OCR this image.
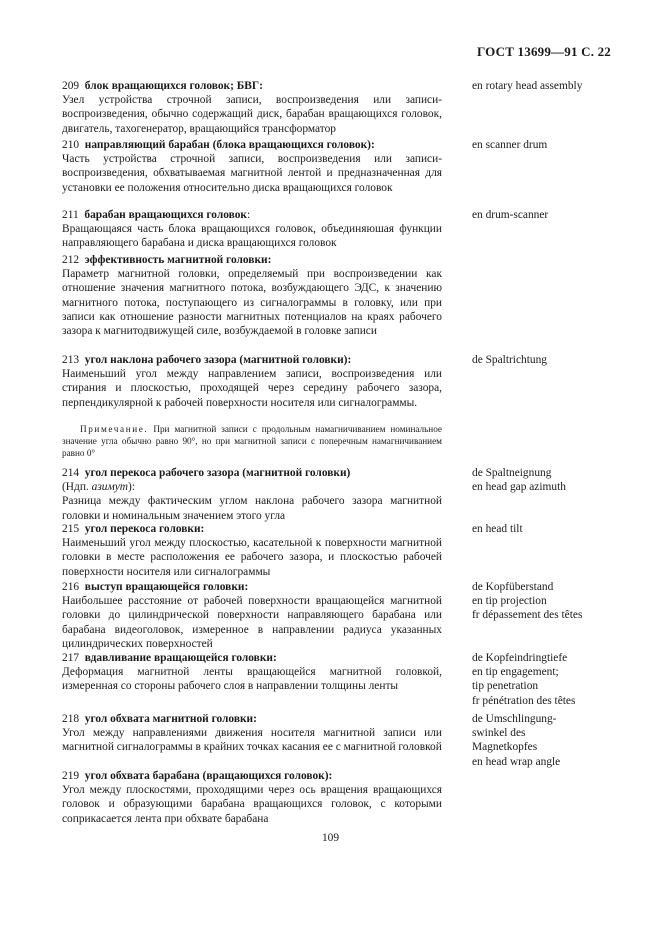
ГОСТ 13699—91 С. 22
209 блок вращающихся головок; БВГ:
Узел устройства строчной записи, воспроизведения или записи-воспроизведения, обычно содержащий диск, барабан вращающихся головок, двигатель, тахогенератор, вращающийся трансформатор
en rotary head assembly
210 направляющий барабан (блока вращающихся головок):
Часть устройства строчной записи, воспроизведения или записи-воспроизведения, обхватываемая магнитной лентой и предназначенная для установки ее положения относительно диска вращающихся головок
en scanner drum
211 барабан вращающихся головок:
Вращающаяся часть блока вращающихся головок, объединяюшая функции направляющего барабана и диска вращающихся головок
en drum-scanner
212 эффективность магнитной головки:
Параметр магнитной головки, определяемый при воспроизведении как отношение значения магнитного потока, возбуждающего ЭДС, к значению магнитного потока, поступающего из сигналограммы в головку, или при записи как отношение разности магнитных потенциалов на краях рабочего зазора к магнитодвижущей силе, возбуждаемой в головке записи
213 угол наклона рабочего зазора (магнитной головки):
Наименьший угол между направлением записи, воспроизведения или стирания и плоскостью, проходящей через середину рабочего зазора, перпендикулярной к рабочей поверхности носителя или сигналограммы.
de Spaltrichtung
Примечание. При магнитной записи с продольным намагничиванием номинальное значение угла обычно равно 90°, но при магнитной записи с поперечным намагничиванием равно 0°
214 угол перекоса рабочего зазора (магнитной головки)
(Ндп. азимут):
Разница между фактическим углом наклона рабочего зазора магнитной головки и номинальным значением этого угла
de Spaltneignung
en head gap azimuth
215 угол перекоса головки:
Наименьший угол между плоскостью, касательной к поверхности магнитной головки в месте расположения ее рабочего зазора, и плоскостью рабочей поверхности носителя или сигналограммы
en head tilt
216 выступ вращающейся головки:
Наибольшее расстояние от рабочей поверхности вращающейся магнитной головки до цилиндрической поверхности направляющего барабана или барабана видеоголовок, измеренное в направлении радиуса указанных цилиндрических поверхностей
de Kopfüberstand
en tip projection
fr dépassement des têtes
217 вдавливание вращающейся головки:
Деформация магнитной ленты вращающейся магнитной головкой, измеренная со стороны рабочего слоя в направлении толщины ленты
de Kopfeindringtiefe
en tip engagement;
tip penetration
fr pénétration des têtes
218 угол обхвата магнитной головки:
Угол между направлениями движения носителя магнитной записи или магнитной сигналограммы в крайних точках касания ее с магнитной головкой
de Umschlingung-
swinkel des
Magnetkopfes
en head wrap angle
219 угол обхвата барабана (вращающихся головок):
Угол между плоскостями, проходящими через ось вращения вращающихся головок и образующими барабана вращающихся головок, с которыми соприкасается лента при обхвате барабана
109
